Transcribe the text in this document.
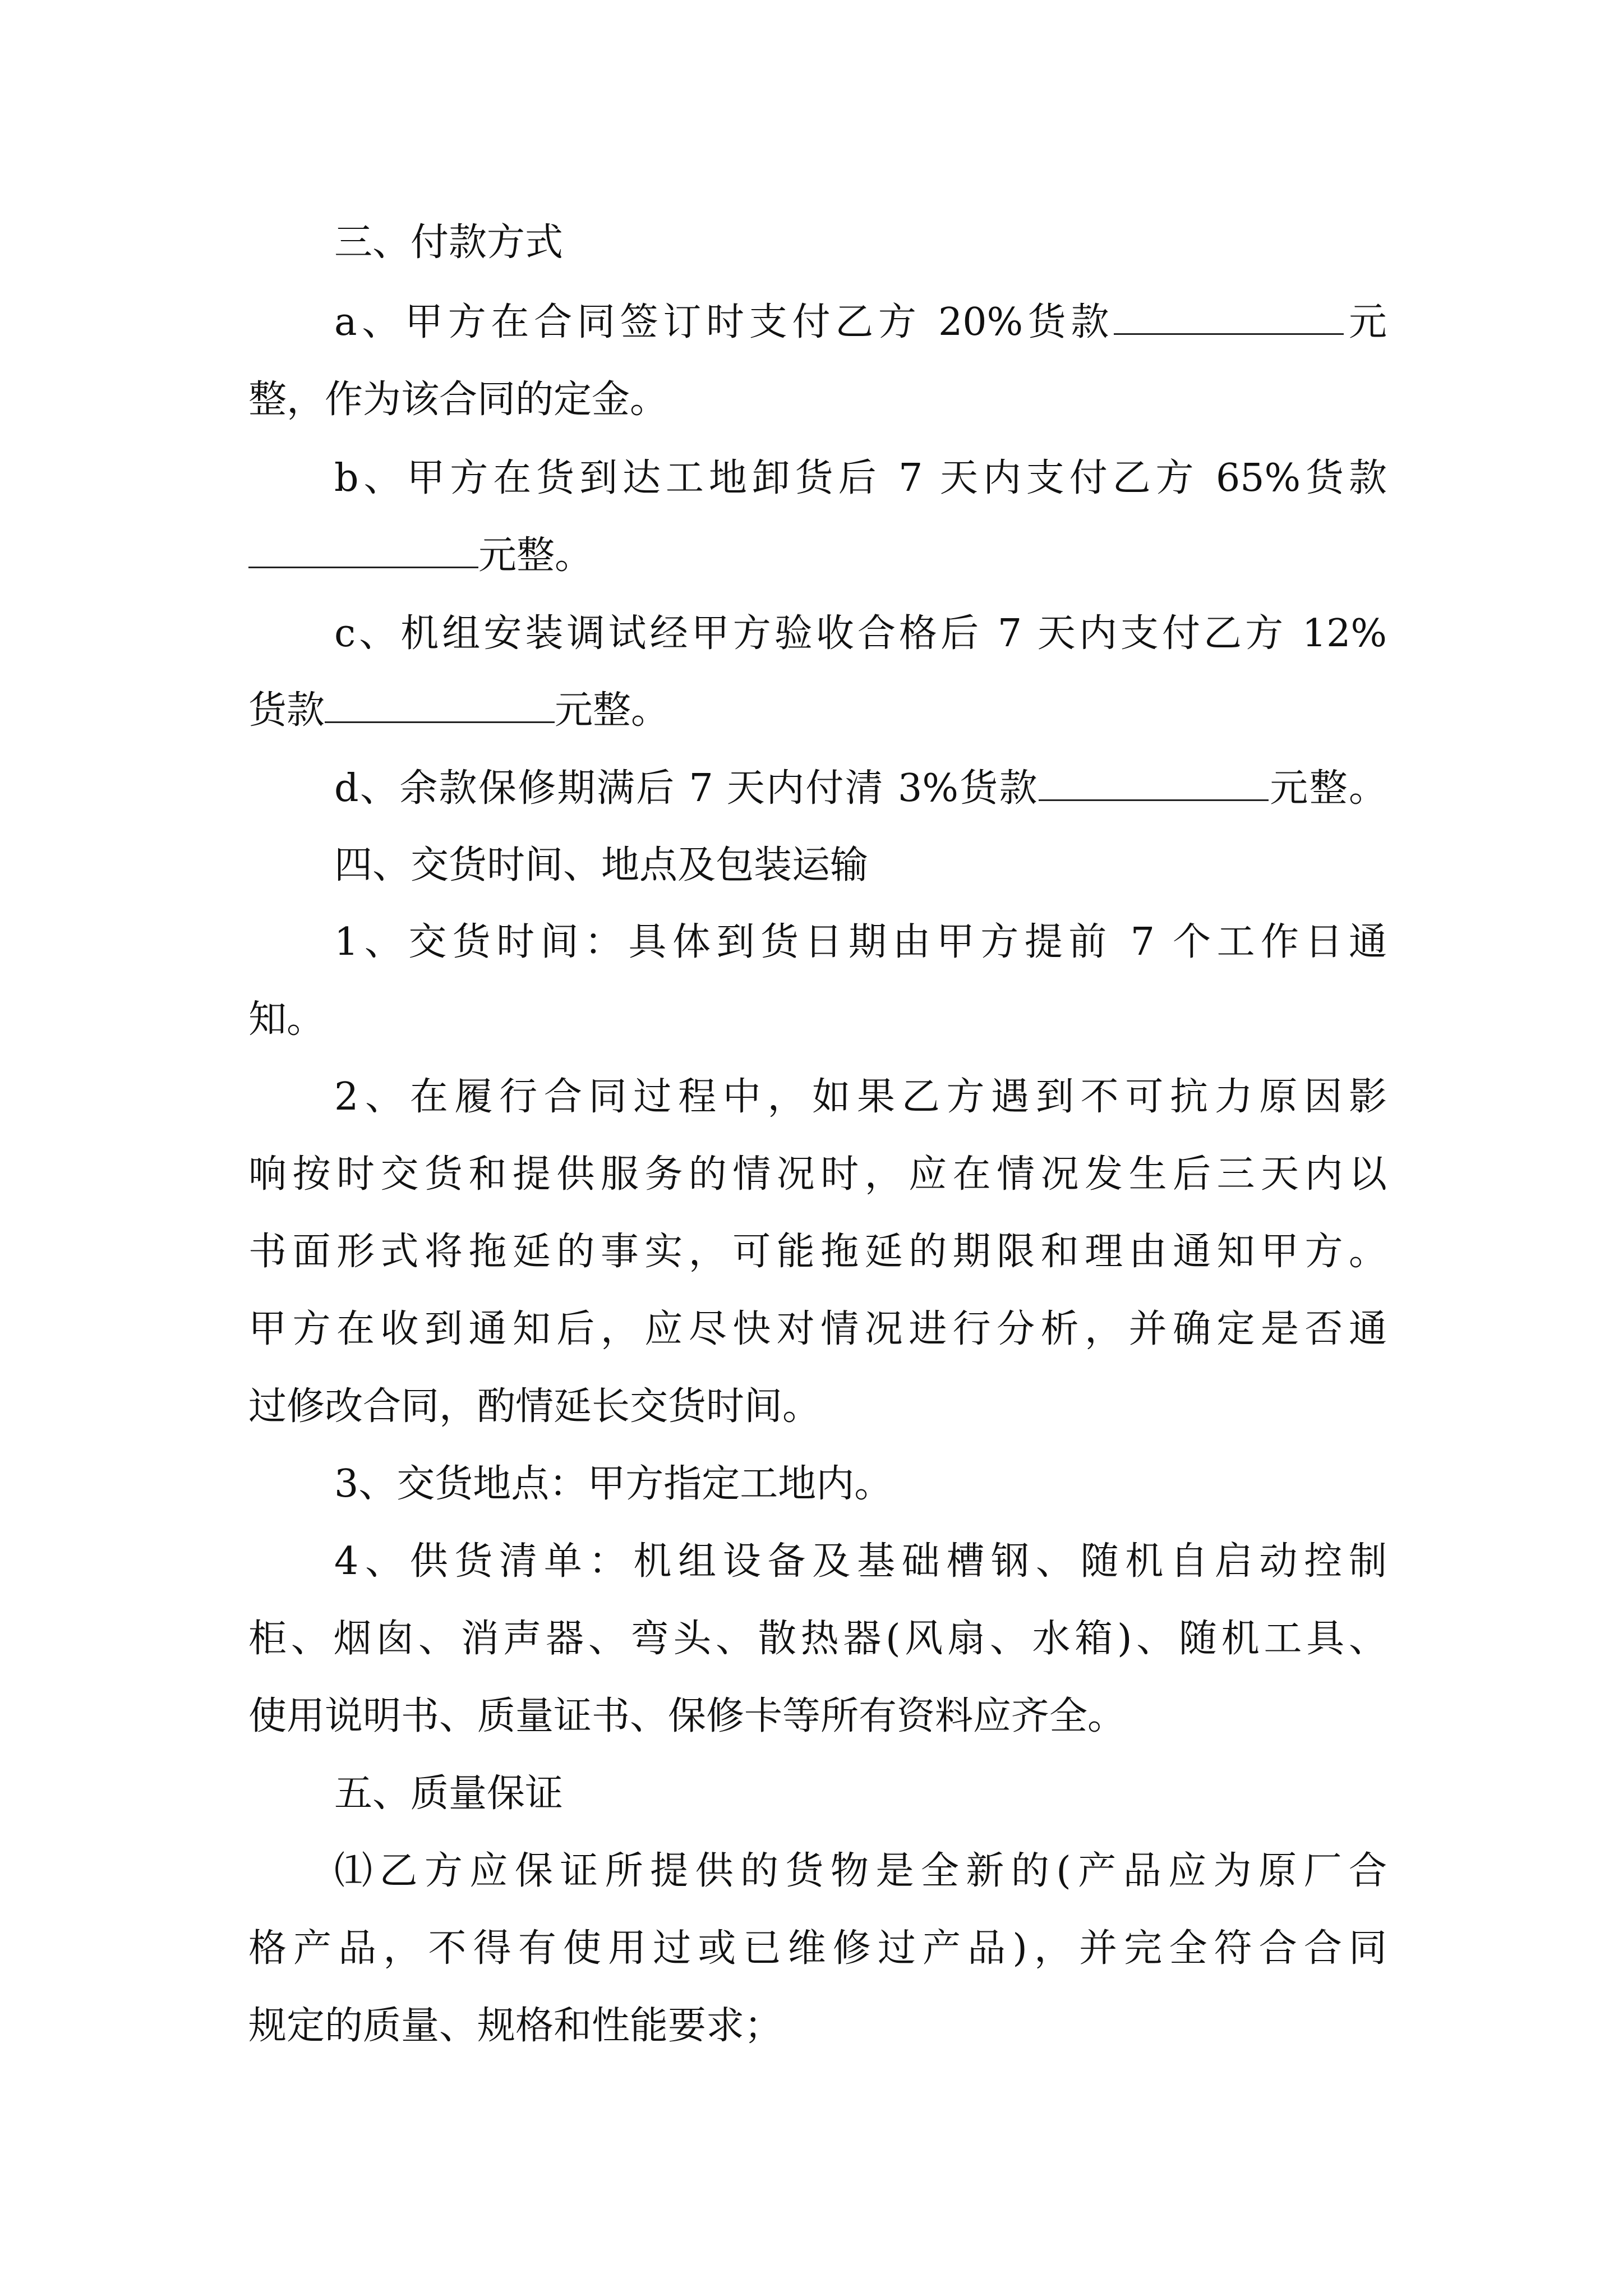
三、付款方式
a、甲方在合同签订时支付乙方 20%货款	元
整，作为该合同的定金。
b、甲方在货到达工地卸货后 7 天内支付乙方 65%货款
元整。
c、机组安装调试经甲方验收合格后 7 天内支付乙方 12%
货款	元整。
d、余款保修期满后 7 天内付清 3%货款	元整。
四、交货时间、地点及包装运输
1、交货时间：具体到货日期由甲方提前 7 个工作日通
知。
2、在履行合同过程中，如果乙方遇到不可抗力原因影
响按时交货和提供服务的情况时，应在情况发生后三天内以
书面形式将拖延的事实，可能拖延的期限和理由通知甲方。
甲方在收到通知后，应尽快对情况进行分析，并确定是否通
过修改合同，酌情延长交货时间。
3、交货地点：甲方指定工地内。
4、供货清单：机组设备及基础槽钢、随机自启动控制
柜、烟囱、消声器、弯头、散热器(风扇、水箱)、随机工具、
使用说明书、质量证书、保修卡等所有资料应齐全。
五、质量保证
⑴乙方应保证所提供的货物是全新的(产品应为原厂合
格产品，不得有使用过或已维修过产品)，并完全符合合同
规定的质量、规格和性能要求；
